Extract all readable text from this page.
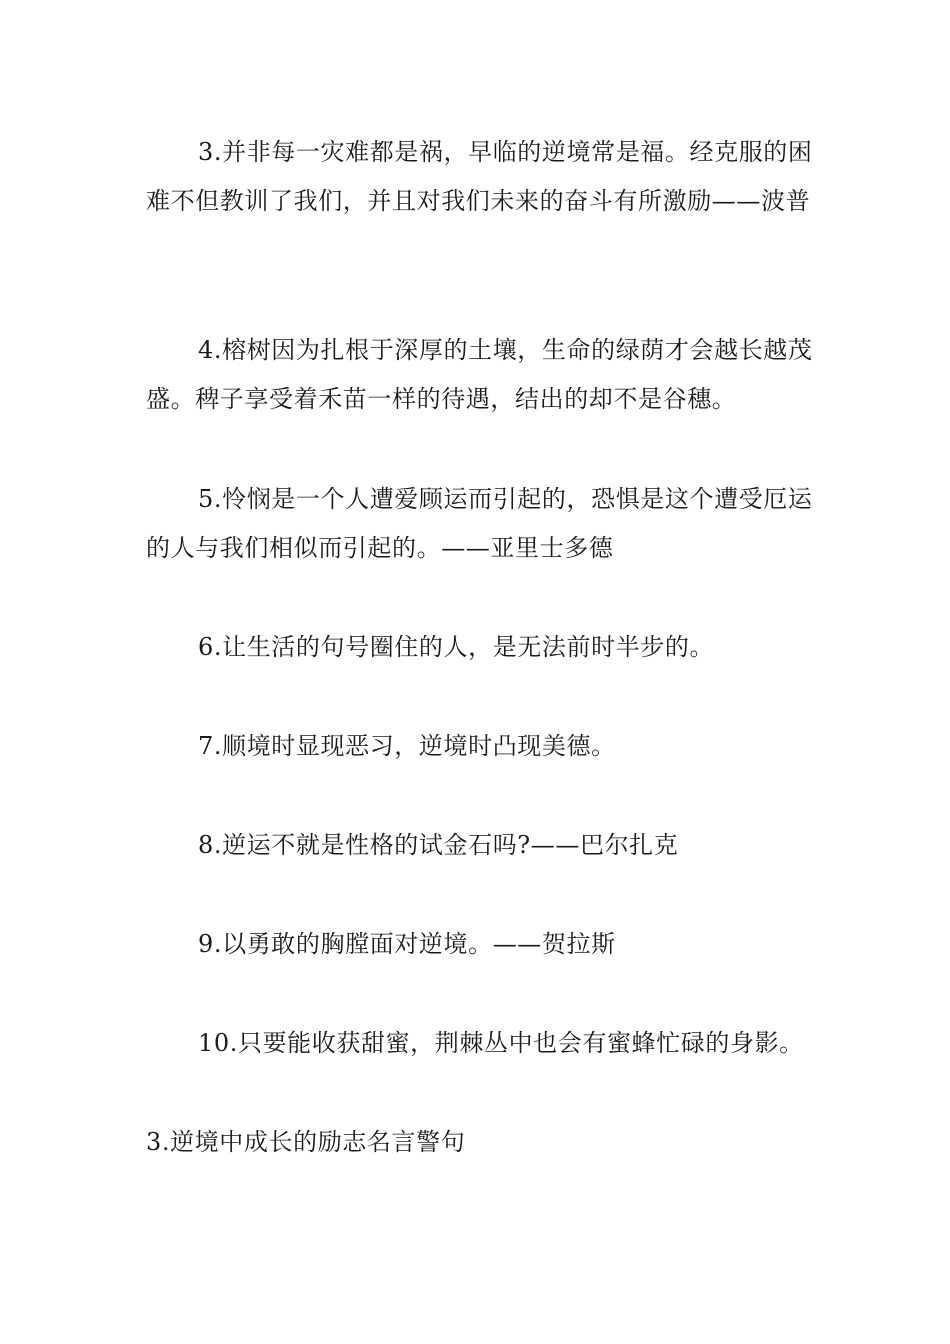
3.并非每一灾难都是祸，早临的逆境常是福。经克服的困难不但教训了我们，并且对我们未来的奋斗有所激励——波普

4.榕树因为扎根于深厚的土壤，生命的绿荫才会越长越茂盛。稗子享受着禾苗一样的待遇，结出的却不是谷穗。

5.怜悯是一个人遭爱顾运而引起的，恐惧是这个遭受厄运的人与我们相似而引起的。——亚里士多德

6.让生活的句号圈住的人，是无法前时半步的。

7.顺境时显现恶习，逆境时凸现美德。

8.逆运不就是性格的试金石吗?——巴尔扎克

9.以勇敢的胸膛面对逆境。——贺拉斯

10.只要能收获甜蜜，荆棘丛中也会有蜜蜂忙碌的身影。

3.逆境中成长的励志名言警句
